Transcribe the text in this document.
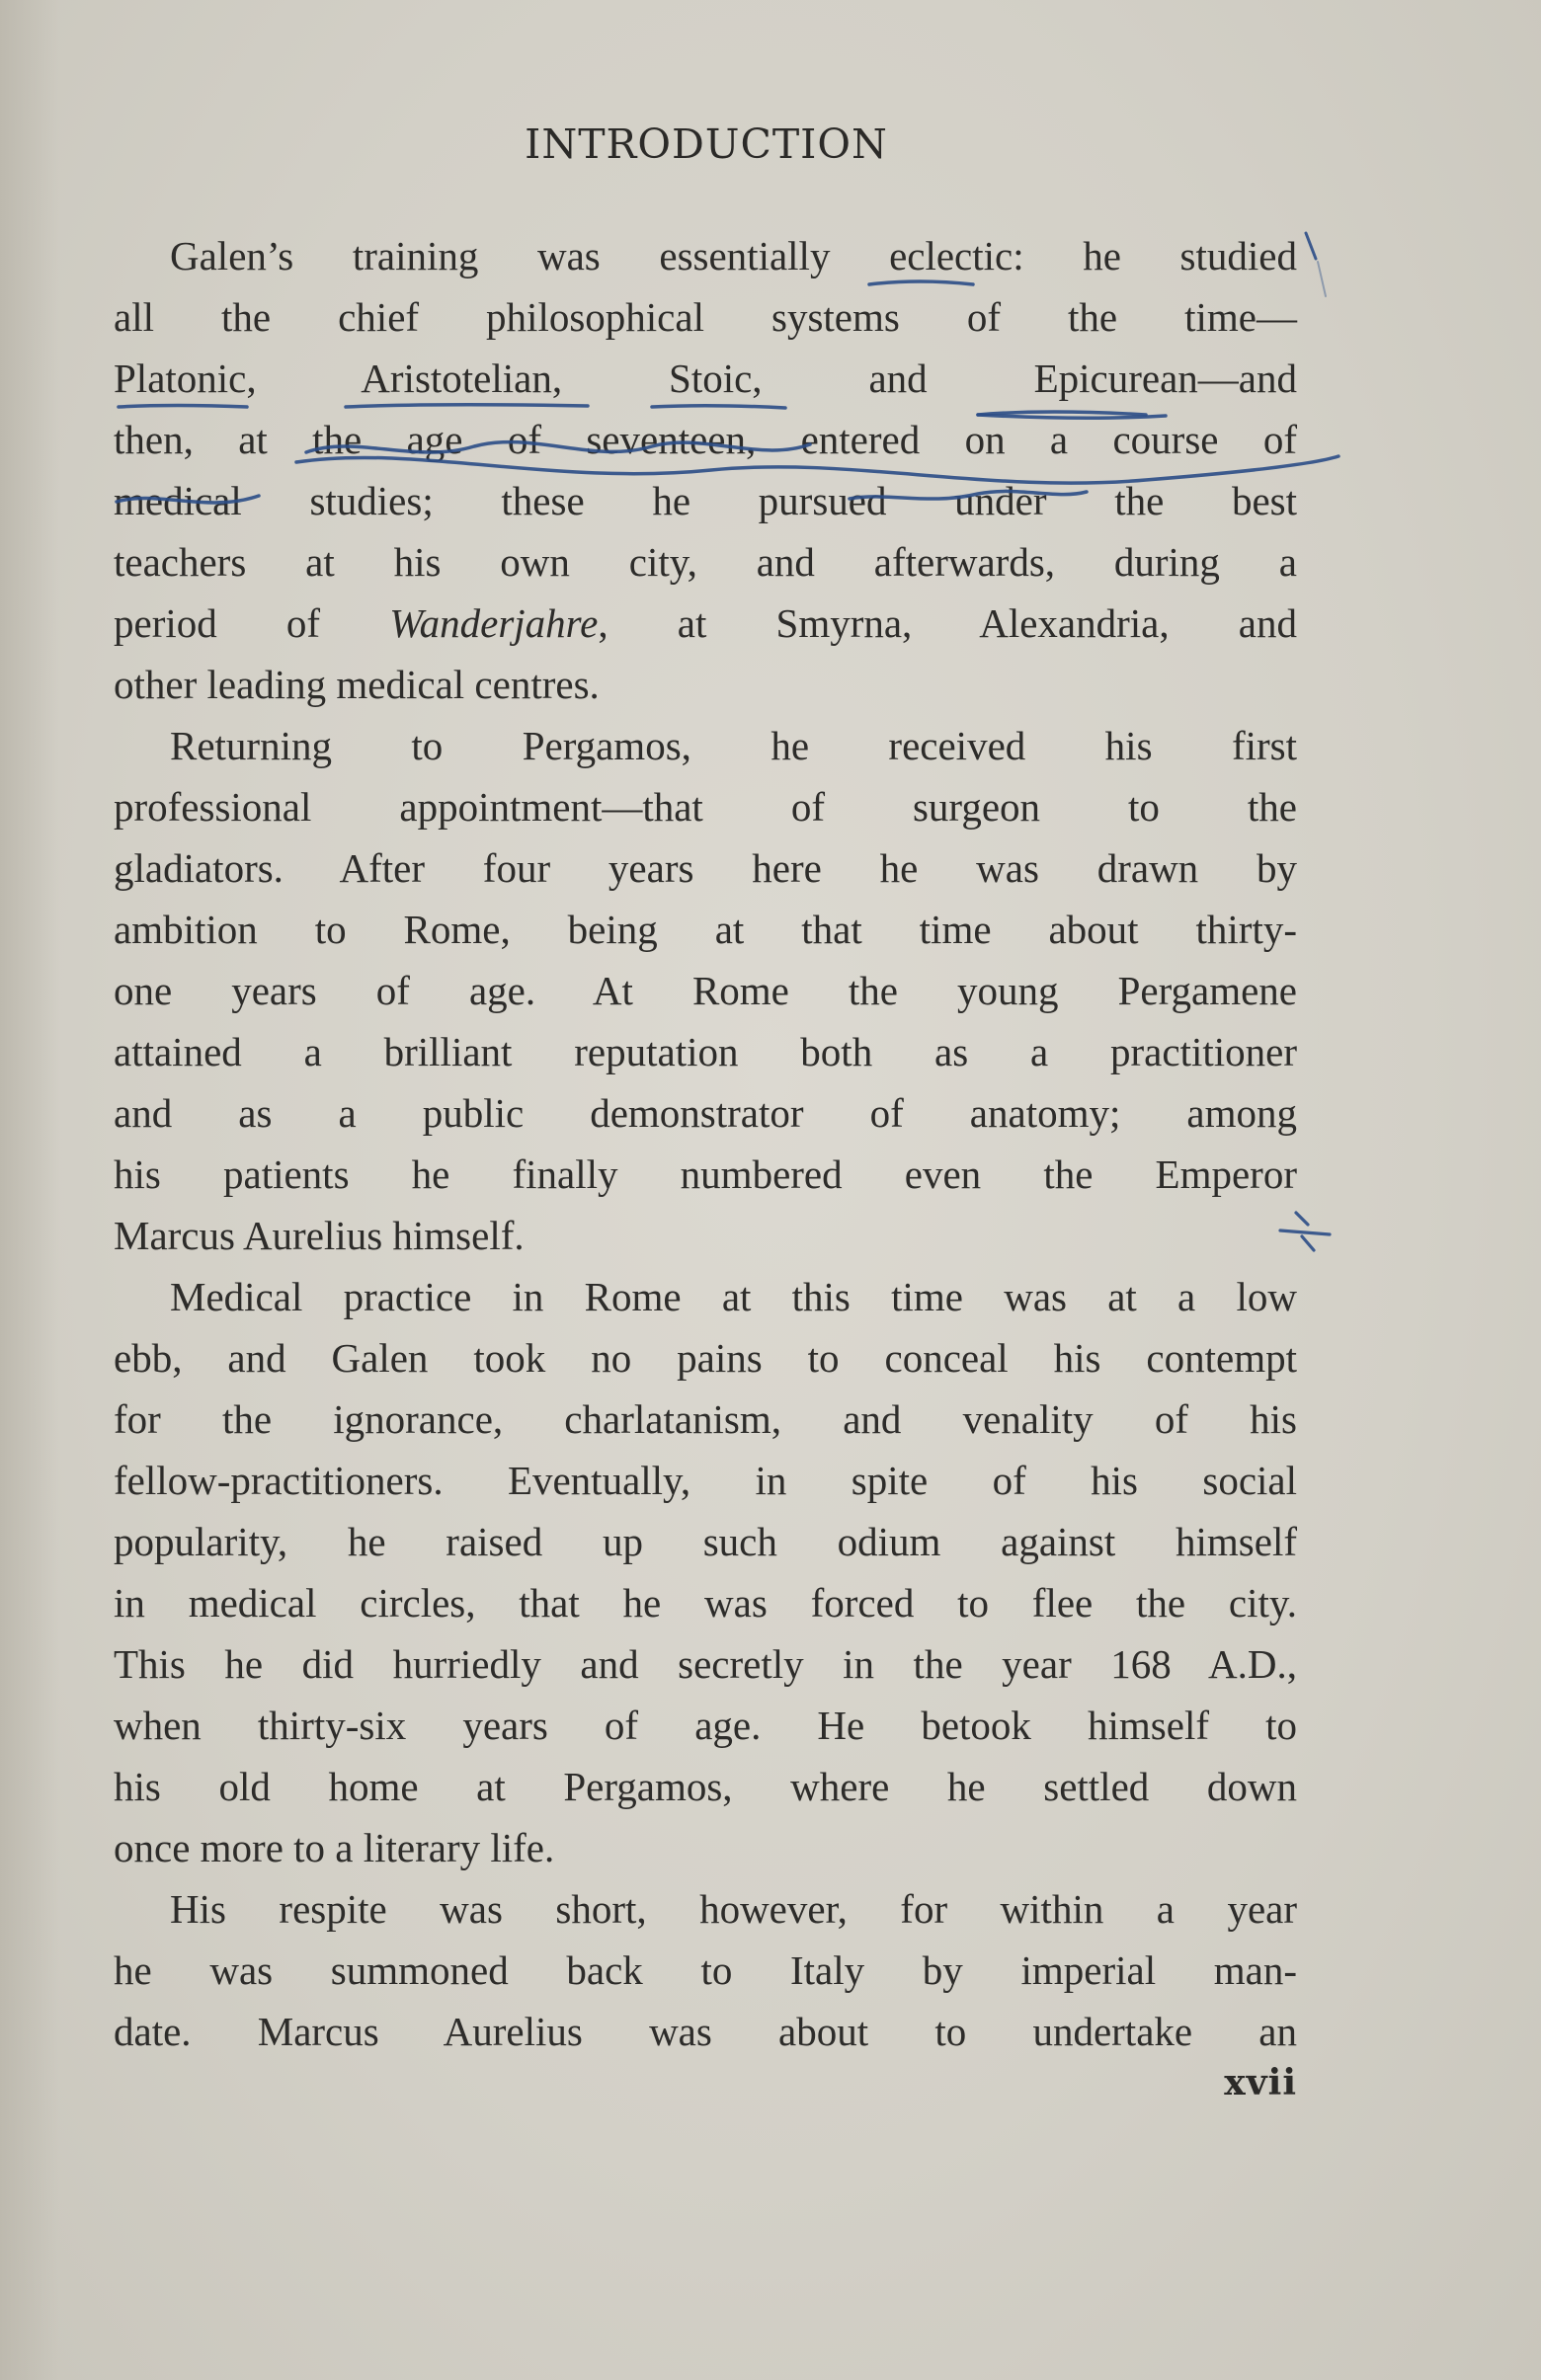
INTRODUCTION
Galen’s training was essentially eclectic: he studied
all the chief philosophical systems of the time—
Platonic, Aristotelian, Stoic, and Epicurean—and
then, at the age of seventeen, entered on a course of
medical studies; these he pursued under the best
teachers at his own city, and afterwards, during a
period of Wanderjahre, at Smyrna, Alexandria, and
other leading medical centres.
Returning to Pergamos, he received his first
professional appointment—that of surgeon to the
gladiators. After four years here he was drawn by
ambition to Rome, being at that time about thirty-
one years of age. At Rome the young Pergamene
attained a brilliant reputation both as a practitioner
and as a public demonstrator of anatomy; among
his patients he finally numbered even the Emperor
Marcus Aurelius himself.
Medical practice in Rome at this time was at a low
ebb, and Galen took no pains to conceal his contempt
for the ignorance, charlatanism, and venality of his
fellow-practitioners. Eventually, in spite of his social
popularity, he raised up such odium against himself
in medical circles, that he was forced to flee the city.
This he did hurriedly and secretly in the year 168 A.D.,
when thirty-six years of age. He betook himself to
his old home at Pergamos, where he settled down
once more to a literary life.
His respite was short, however, for within a year
he was summoned back to Italy by imperial man-
date. Marcus Aurelius was about to undertake an
xvii
